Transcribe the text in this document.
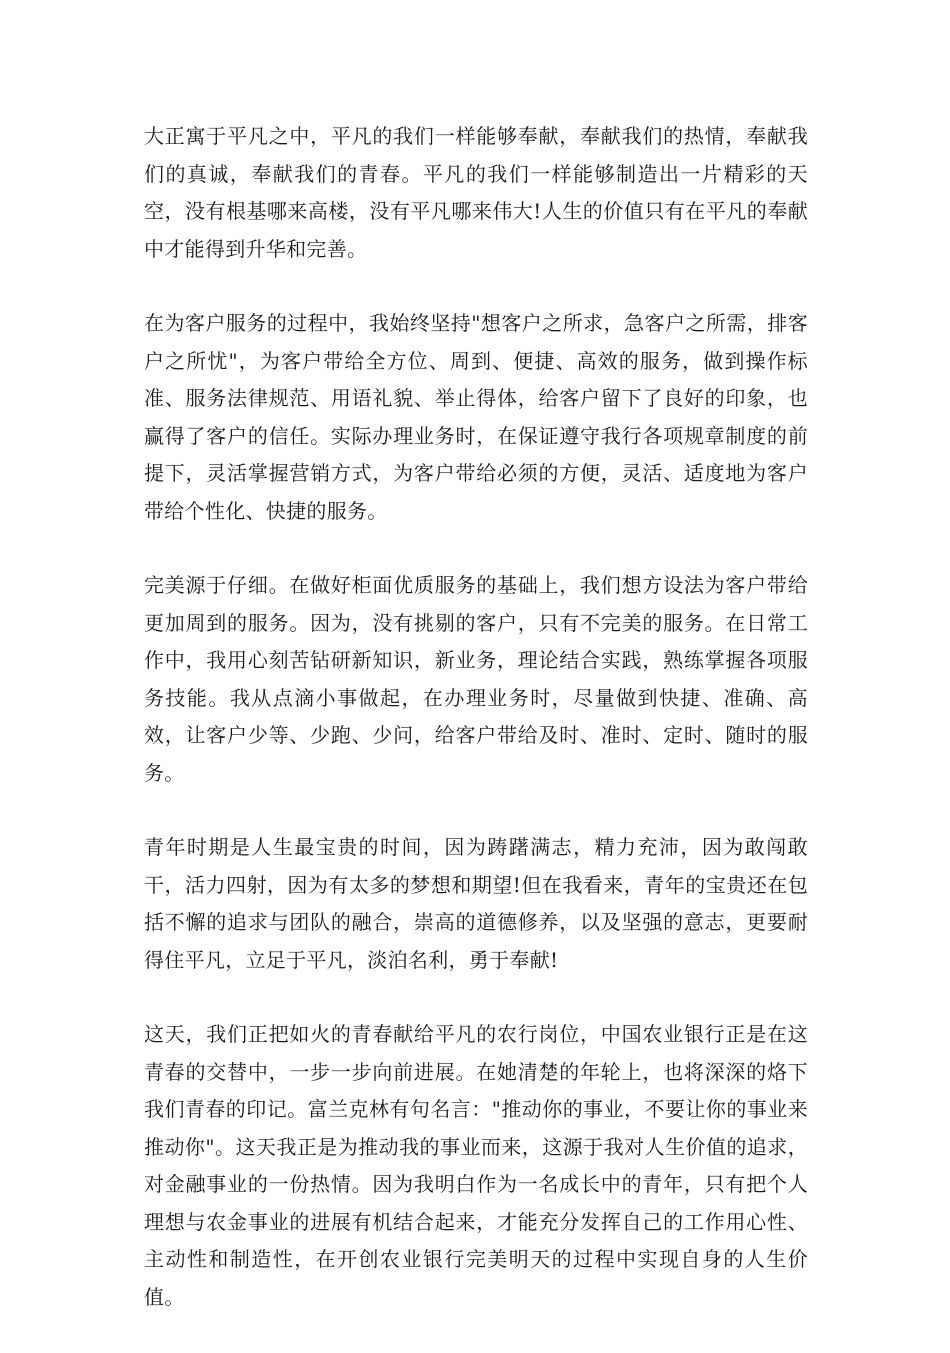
大正寓于平凡之中，平凡的我们一样能够奉献，奉献我们的热情，奉献我们的真诚，奉献我们的青春。平凡的我们一样能够制造出一片精彩的天空，没有根基哪来高楼，没有平凡哪来伟大!人生的价值只有在平凡的奉献中才能得到升华和完善。

在为客户服务的过程中，我始终坚持"想客户之所求，急客户之所需，排客户之所忧"，为客户带给全方位、周到、便捷、高效的服务，做到操作标准、服务法律规范、用语礼貌、举止得体，给客户留下了良好的印象，也赢得了客户的信任。实际办理业务时，在保证遵守我行各项规章制度的前提下，灵活掌握营销方式，为客户带给必须的方便，灵活、适度地为客户带给个性化、快捷的服务。

完美源于仔细。在做好柜面优质服务的基础上，我们想方设法为客户带给更加周到的服务。因为，没有挑剔的客户，只有不完美的服务。在日常工作中，我用心刻苦钻研新知识，新业务，理论结合实践，熟练掌握各项服务技能。我从点滴小事做起，在办理业务时，尽量做到快捷、准确、高效，让客户少等、少跑、少问，给客户带给及时、准时、定时、随时的服务。

青年时期是人生最宝贵的时间，因为踌躇满志，精力充沛，因为敢闯敢干，活力四射，因为有太多的梦想和期望!但在我看来，青年的宝贵还在包括不懈的追求与团队的融合，崇高的道德修养，以及坚强的意志，更要耐得住平凡，立足于平凡，淡泊名利，勇于奉献!

这天，我们正把如火的青春献给平凡的农行岗位，中国农业银行正是在这青春的交替中，一步一步向前进展。在她清楚的年轮上，也将深深的烙下我们青春的印记。富兰克林有句名言："推动你的事业，不要让你的事业来推动你"。这天我正是为推动我的事业而来，这源于我对人生价值的追求，对金融事业的一份热情。因为我明白作为一名成长中的青年，只有把个人理想与农金事业的进展有机结合起来，才能充分发挥自己的工作用心性、主动性和制造性，在开创农业银行完美明天的过程中实现自身的人生价值。
